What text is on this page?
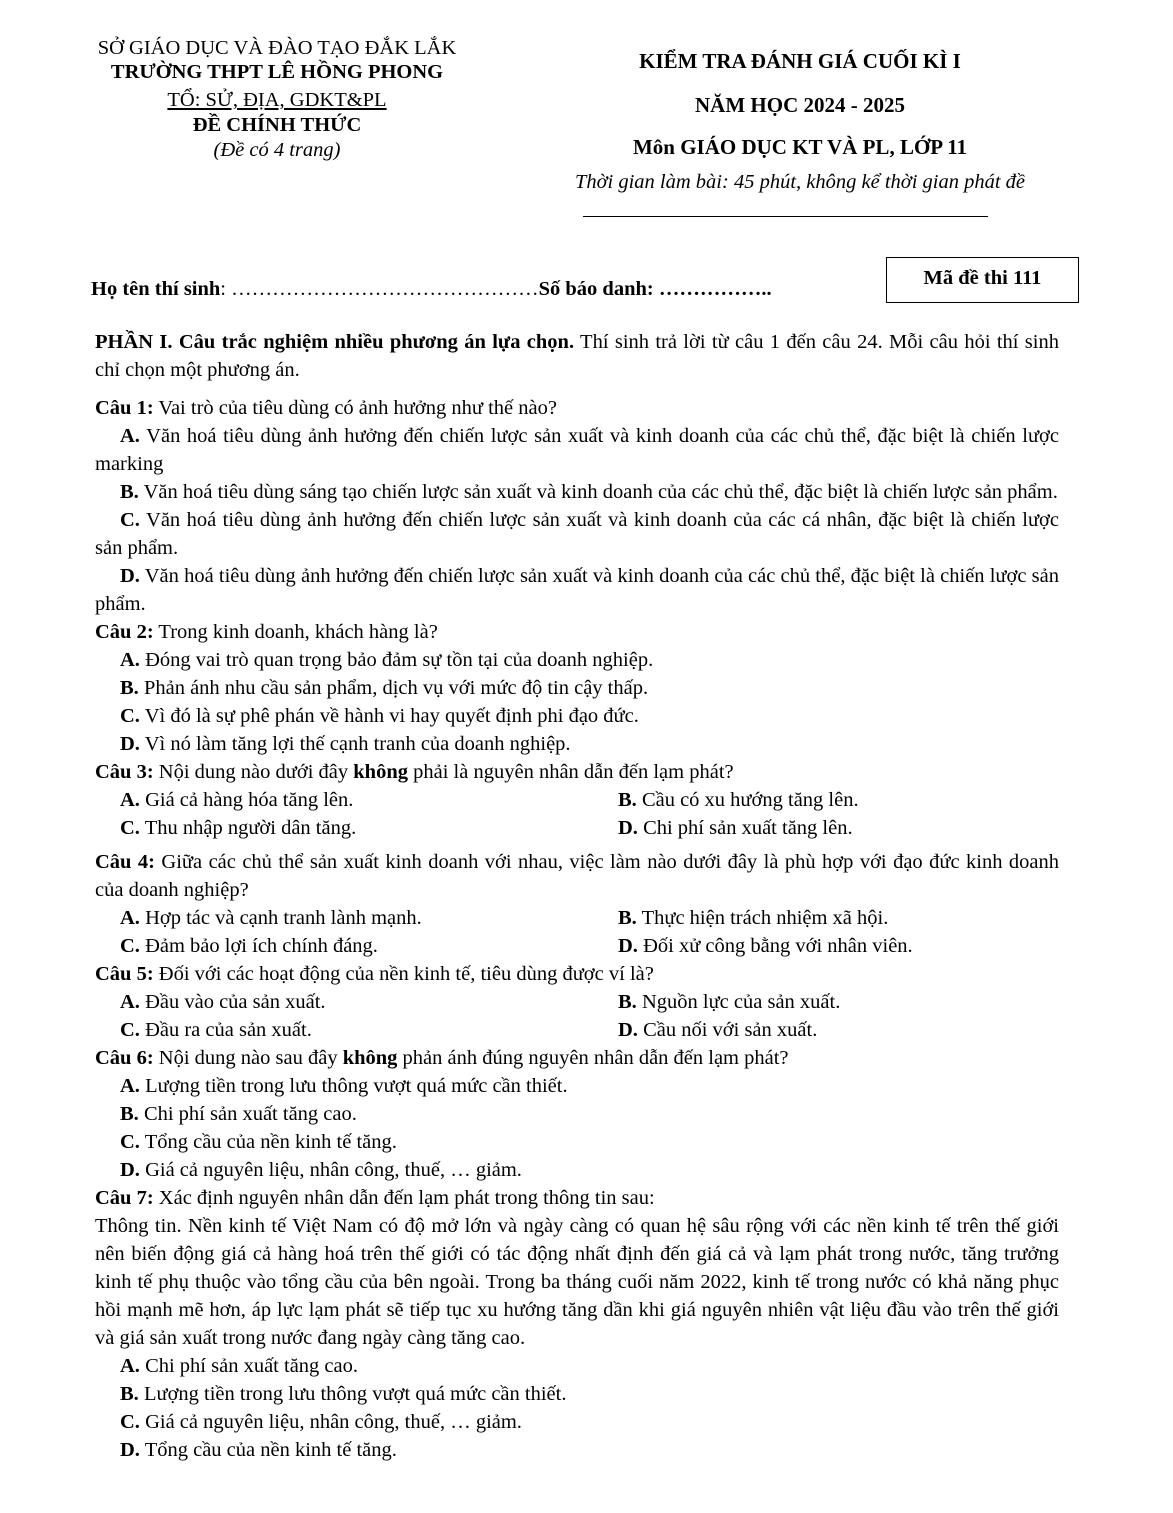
SỞ GIÁO DỤC VÀ ĐÀO TẠO ĐẮK LẮK
TRƯỜNG THPT LÊ HỒNG PHONG
TỔ: SỬ, ĐỊA, GDKT&PL
ĐỀ CHÍNH THỨC
(Đề có 4 trang)
KIỂM TRA ĐÁNH GIÁ CUỐI KÌ I
NĂM HỌC 2024 - 2025
Môn GIÁO DỤC KT VÀ PL, LỚP 11
Thời gian làm bài: 45 phút, không kể thời gian phát đề
Họ tên thí sinh: ………………………………………Số báo danh: ……………..	Mã đề thi 111
PHẦN I. Câu trắc nghiệm nhiều phương án lựa chọn. Thí sinh trả lời từ câu 1 đến câu 24. Mỗi câu hỏi thí sinh chỉ chọn một phương án.
Câu 1: Vai trò của tiêu dùng có ảnh hưởng như thế nào?
A. Văn hoá tiêu dùng ảnh hưởng đến chiến lược sản xuất và kinh doanh của các chủ thể, đặc biệt là chiến lược marking
B. Văn hoá tiêu dùng sáng tạo chiến lược sản xuất và kinh doanh của các chủ thể, đặc biệt là chiến lược sản phẩm.
C. Văn hoá tiêu dùng ảnh hưởng đến chiến lược sản xuất và kinh doanh của các cá nhân, đặc biệt là chiến lược sản phẩm.
D. Văn hoá tiêu dùng ảnh hưởng đến chiến lược sản xuất và kinh doanh của các chủ thể, đặc biệt là chiến lược sản phẩm.
Câu 2: Trong kinh doanh, khách hàng là?
A. Đóng vai trò quan trọng bảo đảm sự tồn tại của doanh nghiệp.
B. Phản ánh nhu cầu sản phẩm, dịch vụ với mức độ tin cậy thấp.
C. Vì đó là sự phê phán về hành vi hay quyết định phi đạo đức.
D. Vì nó làm tăng lợi thế cạnh tranh của doanh nghiệp.
Câu 3: Nội dung nào dưới đây không phải là nguyên nhân dẫn đến lạm phát?
A. Giá cả hàng hóa tăng lên.	B. Cầu có xu hướng tăng lên.
C. Thu nhập người dân tăng.	D. Chi phí sản xuất tăng lên.
Câu 4: Giữa các chủ thể sản xuất kinh doanh với nhau, việc làm nào dưới đây là phù hợp với đạo đức kinh doanh của doanh nghiệp?
A. Hợp tác và cạnh tranh lành mạnh.	B. Thực hiện trách nhiệm xã hội.
C. Đảm bảo lợi ích chính đáng.	D. Đối xử công bằng với nhân viên.
Câu 5: Đối với các hoạt động của nền kinh tế, tiêu dùng được ví là?
A. Đầu vào của sản xuất.	B. Nguồn lực của sản xuất.
C. Đầu ra của sản xuất.	D. Cầu nối với sản xuất.
Câu 6: Nội dung nào sau đây không phản ánh đúng nguyên nhân dẫn đến lạm phát?
A. Lượng tiền trong lưu thông vượt quá mức cần thiết.
B. Chi phí sản xuất tăng cao.
C. Tổng cầu của nền kinh tế tăng.
D. Giá cả nguyên liệu, nhân công, thuế, … giảm.
Câu 7: Xác định nguyên nhân dẫn đến lạm phát trong thông tin sau:
Thông tin. Nền kinh tế Việt Nam có độ mở lớn và ngày càng có quan hệ sâu rộng với các nền kinh tế trên thế giới nên biến động giá cả hàng hoá trên thế giới có tác động nhất định đến giá cả và lạm phát trong nước, tăng trưởng kinh tế phụ thuộc vào tổng cầu của bên ngoài. Trong ba tháng cuối năm 2022, kinh tế trong nước có khả năng phục hồi mạnh mẽ hơn, áp lực lạm phát sẽ tiếp tục xu hướng tăng dần khi giá nguyên nhiên vật liệu đầu vào trên thế giới và giá sản xuất trong nước đang ngày càng tăng cao.
A. Chi phí sản xuất tăng cao.
B. Lượng tiền trong lưu thông vượt quá mức cần thiết.
C. Giá cả nguyên liệu, nhân công, thuế, … giảm.
D. Tổng cầu của nền kinh tế tăng.
